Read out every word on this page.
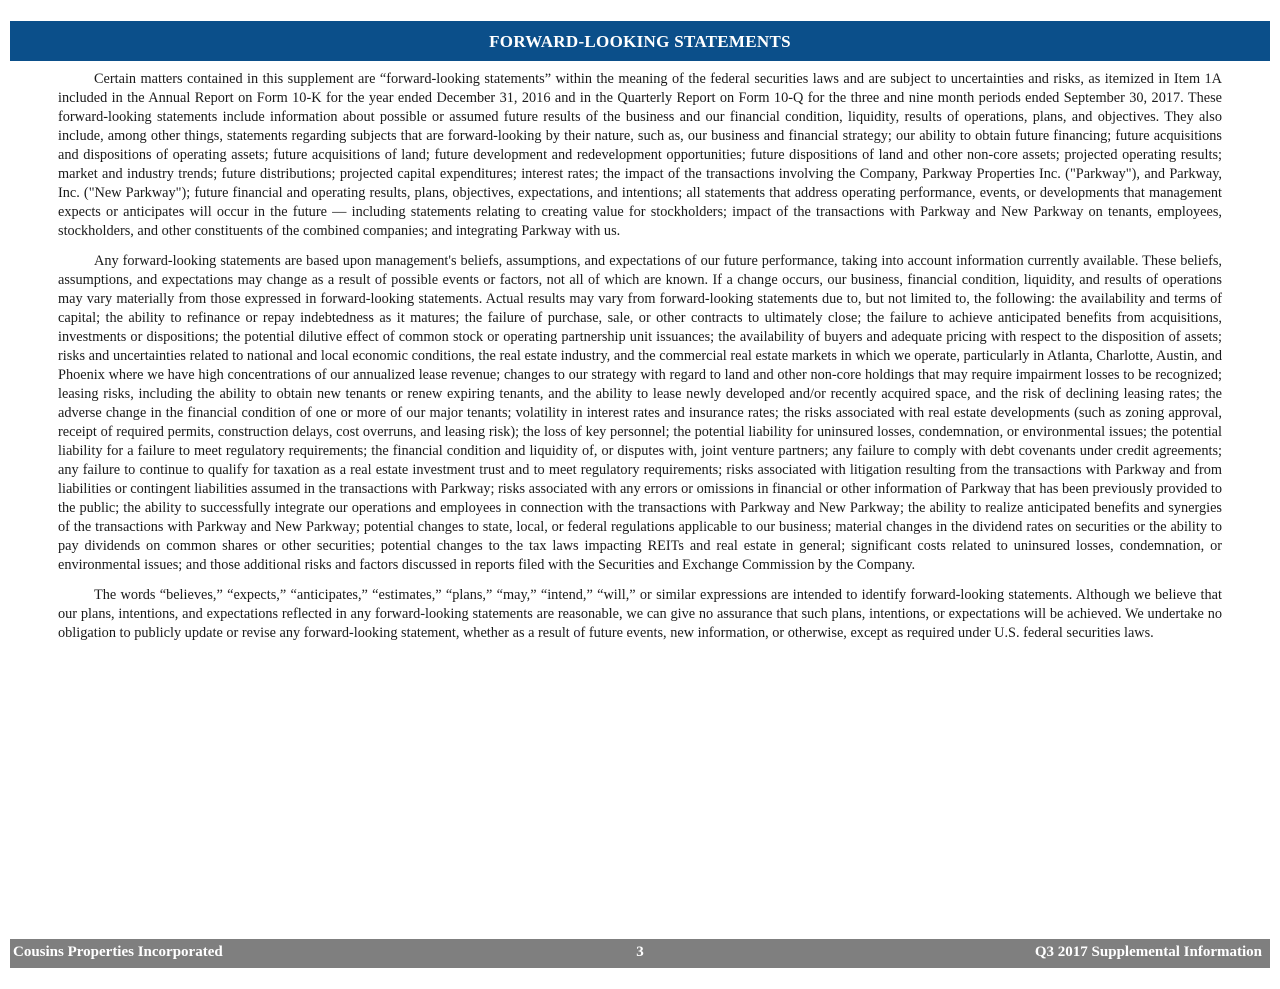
FORWARD-LOOKING STATEMENTS

Certain matters contained in this supplement are “forward-looking statements” within the meaning of the federal securities laws and are subject to uncertainties and risks, as itemized in Item 1A included in the Annual Report on Form 10-K for the year ended December 31, 2016 and in the Quarterly Report on Form 10-Q for the three and nine month periods ended September 30, 2017. These forward-looking statements include information about possible or assumed future results of the business and our financial condition, liquidity, results of operations, plans, and objectives. They also include, among other things, statements regarding subjects that are forward-looking by their nature, such as, our business and financial strategy; our ability to obtain future financing; future acquisitions and dispositions of operating assets; future acquisitions of land; future development and redevelopment opportunities; future dispositions of land and other non-core assets; projected operating results; market and industry trends; future distributions; projected capital expenditures; interest rates; the impact of the transactions involving the Company, Parkway Properties Inc. ("Parkway"), and Parkway, Inc. ("New Parkway"); future financial and operating results, plans, objectives, expectations, and intentions; all statements that address operating performance, events, or developments that management expects or anticipates will occur in the future — including statements relating to creating value for stockholders; impact of the transactions with Parkway and New Parkway on tenants, employees, stockholders, and other constituents of the combined companies; and integrating Parkway with us.

Any forward-looking statements are based upon management's beliefs, assumptions, and expectations of our future performance, taking into account information currently available. These beliefs, assumptions, and expectations may change as a result of possible events or factors, not all of which are known. If a change occurs, our business, financial condition, liquidity, and results of operations may vary materially from those expressed in forward-looking statements. Actual results may vary from forward-looking statements due to, but not limited to, the following: the availability and terms of capital; the ability to refinance or repay indebtedness as it matures; the failure of purchase, sale, or other contracts to ultimately close; the failure to achieve anticipated benefits from acquisitions, investments or dispositions; the potential dilutive effect of common stock or operating partnership unit issuances; the availability of buyers and adequate pricing with respect to the disposition of assets; risks and uncertainties related to national and local economic conditions, the real estate industry, and the commercial real estate markets in which we operate, particularly in Atlanta, Charlotte, Austin, and Phoenix where we have high concentrations of our annualized lease revenue; changes to our strategy with regard to land and other non-core holdings that may require impairment losses to be recognized; leasing risks, including the ability to obtain new tenants or renew expiring tenants, and the ability to lease newly developed and/or recently acquired space, and the risk of declining leasing rates; the adverse change in the financial condition of one or more of our major tenants; volatility in interest rates and insurance rates; the risks associated with real estate developments (such as zoning approval, receipt of required permits, construction delays, cost overruns, and leasing risk); the loss of key personnel; the potential liability for uninsured losses, condemnation, or environmental issues; the potential liability for a failure to meet regulatory requirements; the financial condition and liquidity of, or disputes with, joint venture partners; any failure to comply with debt covenants under credit agreements; any failure to continue to qualify for taxation as a real estate investment trust and to meet regulatory requirements; risks associated with litigation resulting from the transactions with Parkway and from liabilities or contingent liabilities assumed in the transactions with Parkway; risks associated with any errors or omissions in financial or other information of Parkway that has been previously provided to the public; the ability to successfully integrate our operations and employees in connection with the transactions with Parkway and New Parkway; the ability to realize anticipated benefits and synergies of the transactions with Parkway and New Parkway; potential changes to state, local, or federal regulations applicable to our business; material changes in the dividend rates on securities or the ability to pay dividends on common shares or other securities; potential changes to the tax laws impacting REITs and real estate in general; significant costs related to uninsured losses, condemnation, or environmental issues; and those additional risks and factors discussed in reports filed with the Securities and Exchange Commission by the Company.

The words “believes,” “expects,” “anticipates,” “estimates,” “plans,” “may,” “intend,” “will,” or similar expressions are intended to identify forward-looking statements. Although we believe that our plans, intentions, and expectations reflected in any forward-looking statements are reasonable, we can give no assurance that such plans, intentions, or expectations will be achieved. We undertake no obligation to publicly update or revise any forward-looking statement, whether as a result of future events, new information, or otherwise, except as required under U.S. federal securities laws.

Cousins Properties Incorporated	3	Q3 2017 Supplemental Information
